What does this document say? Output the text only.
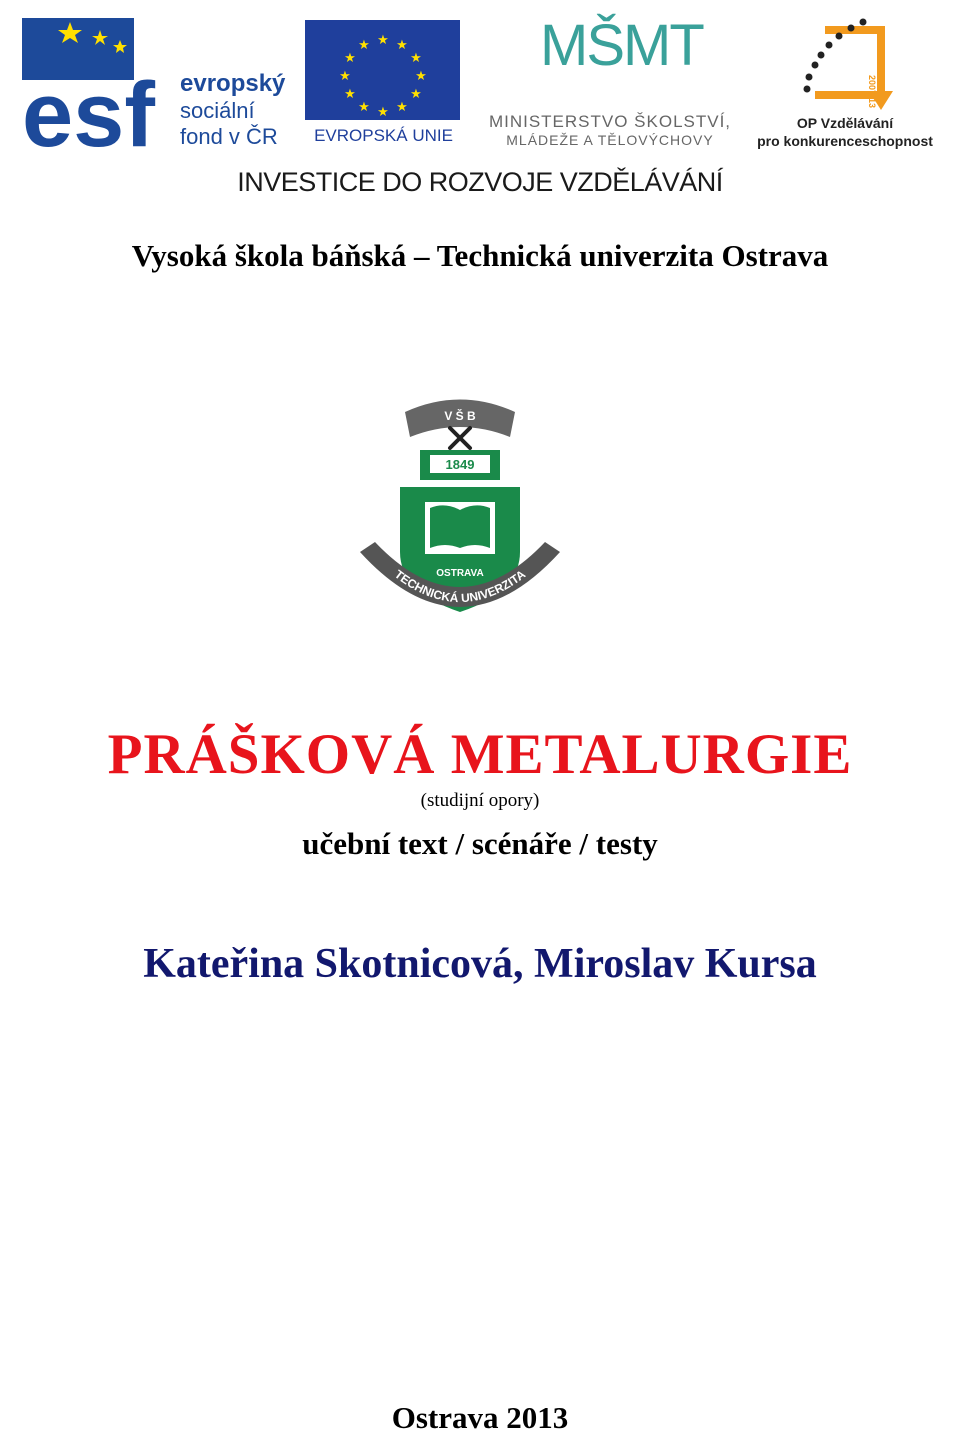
esf evropský
sociální
fond v ČR
★ ★
★
★
★
★
★
★
★
★
★
★
EVROPSKÁ UNIE
MŠMT
MINISTERSTVO ŠKOLSTVÍ,
MLÁDEŽE A TĚLOVÝCHOVY
2007-13
OP Vzdělávání
pro konkurenceschopnost
INVESTICE DO ROZVOJE VZDĚLÁVÁNÍ
Vysoká škola báňská – Technická univerzita Ostrava
V Š B
1849
OSTRAVA
TECHNICKÁ UNIVERZITA
PRÁŠKOVÁ METALURGIE
(studijní opory)
učební text / scénáře / testy
Kateřina Skotnicová, Miroslav Kursa
Ostrava 2013
